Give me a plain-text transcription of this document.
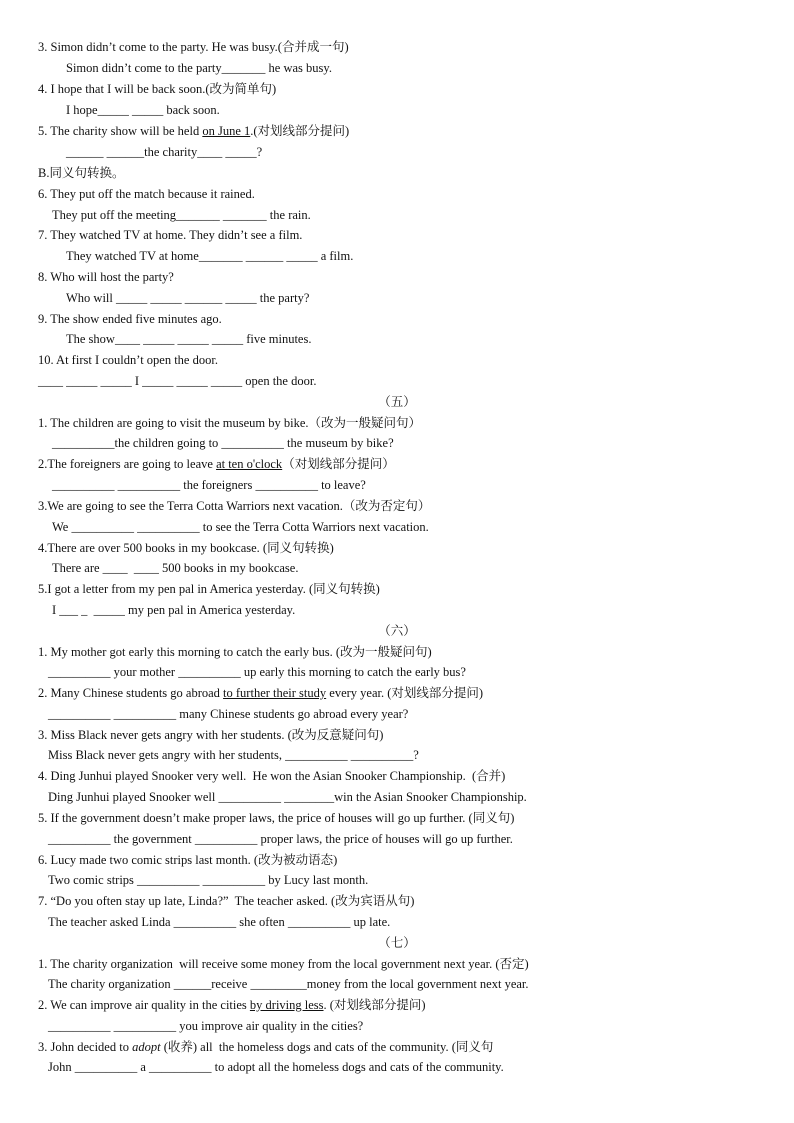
3. Simon didn’t come to the party. He was busy.(合并成一句)
Simon didn’t come to the party_______ he was busy.
4. I hope that I will be back soon.(改为简单句)
I hope_____ _____ back soon.
5. The charity show will be held on June 1.(对划线部分提问)
______ ______the charity____ _____?
B.同义句转换。
6. They put off the match because it rained.
They put off the meeting_______ _______ the rain.
7. They watched TV at home. They didn’t see a film.
They watched TV at home_______ ______ _____ a film.
8. Who will host the party?
Who will _____ _____ ______ _____ the party?
9. The show ended five minutes ago.
The show____ _____ _____ _____ five minutes.
10. At first I couldn’t open the door.
____ _____ _____ I _____ _____ _____ open the door.
（五）
1. The children are going to visit the museum by bike.（改为一般疑问句）
__________the children going to __________ the museum by bike?
2.The foreigners are going to leave at ten o'clock（对划线部分提问）
__________ __________ the foreigners __________ to leave?
3.We are going to see the Terra Cotta Warriors next vacation.（改为否定句）
We __________ __________ to see the Terra Cotta Warriors next vacation.
4.There are over 500 books in my bookcase. (同义句转换)
There are ____  ____ 500 books in my bookcase.
5.I got a letter from my pen pal in America yesterday. (同义句转换)
I ___ _  _____ my pen pal in America yesterday.
（六）
1. My mother got early this morning to catch the early bus. (改为一般疑问句)
__________ your mother __________ up early this morning to catch the early bus?
2. Many Chinese students go abroad to further their study every year. (对划线部分提问)
__________ __________ many Chinese students go abroad every year?
3. Miss Black never gets angry with her students. (改为反意疑问句)
Miss Black never gets angry with her students, __________ __________?
4. Ding Junhui played Snooker very well.  He won the Asian Snooker Championship.  (合并)
Ding Junhui played Snooker well __________ ________win the Asian Snooker Championship.
5. If the government doesn’t make proper laws, the price of houses will go up further. (同义句)
__________ the government __________ proper laws, the price of houses will go up further.
6. Lucy made two comic strips last month. (改为被动语态)
Two comic strips __________ __________ by Lucy last month.
7. “Do you often stay up late, Linda?”  The teacher asked. (改为宾语从句)
The teacher asked Linda __________ she often __________ up late.
（七）
1. The charity organization  will receive some money from the local government next year. (否定)
The charity organization ______receive _________money from the local government next year.
2. We can improve air quality in the cities by driving less. (对划线部分提问)
__________ __________ you improve air quality in the cities?
3. John decided to adopt (收养) all  the homeless dogs and cats of the community. (同义句
John __________ a __________ to adopt all the homeless dogs and cats of the community.
